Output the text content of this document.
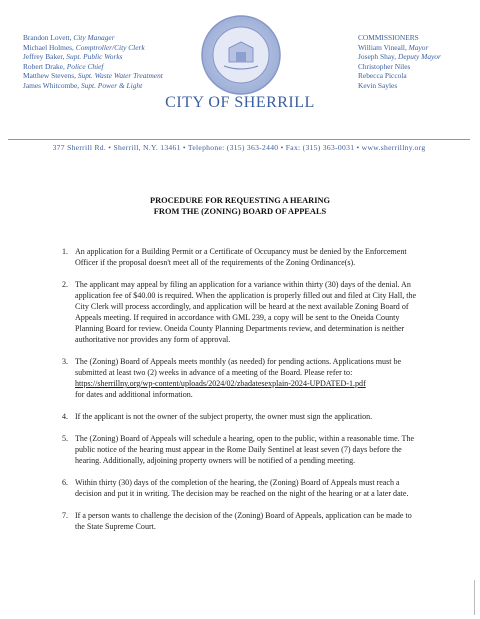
Brandon Lovett, City Manager
Michael Holmes, Comptroller/City Clerk
Jeffrey Baker, Supt. Public Works
Robert Drake, Police Chief
Matthew Stevens, Supt. Waste Water Treatment
James Whitcombe, Supt. Power & Light
COMMISSIONERS
William Vineall, Mayor
Joseph Shay, Deputy Mayor
Christopher Niles
Rebecca Piccola
Kevin Sayles
CITY OF SHERRILL
377 Sherrill Rd. • Sherrill, N.Y. 13461 • Telephone: (315) 363-2440 • Fax: (315) 363-0031 • www.sherrillny.org
PROCEDURE FOR REQUESTING A HEARING
FROM THE (ZONING) BOARD OF APPEALS
1. An application for a Building Permit or a Certificate of Occupancy must be denied by the Enforcement Officer if the proposal doesn't meet all of the requirements of the Zoning Ordinance(s).
2. The applicant may appeal by filing an application for a variance within thirty (30) days of the denial. An application fee of $40.00 is required. When the application is properly filled out and filed at City Hall, the City Clerk will process accordingly, and application will be heard at the next available Zoning Board of Appeals meeting. If required in accordance with GML 239, a copy will be sent to the Oneida County Planning Board for review. Oneida County Planning Departments review, and determination is neither authoritative nor provides any form of approval.
3. The (Zoning) Board of Appeals meets monthly (as needed) for pending actions. Applications must be submitted at least two (2) weeks in advance of a meeting of the Board. Please refer to:
https://sherrillny.org/wp-content/uploads/2024/02/zbadatesexplain-2024-UPDATED-1.pdf
for dates and additional information.
4. If the applicant is not the owner of the subject property, the owner must sign the application.
5. The (Zoning) Board of Appeals will schedule a hearing, open to the public, within a reasonable time. The public notice of the hearing must appear in the Rome Daily Sentinel at least seven (7) days before the hearing. Additionally, adjoining property owners will be notified of a pending meeting.
6. Within thirty (30) days of the completion of the hearing, the (Zoning) Board of Appeals must reach a decision and put it in writing. The decision may be reached on the night of the hearing or at a later date.
7. If a person wants to challenge the decision of the (Zoning) Board of Appeals, application can be made to the State Supreme Court.
